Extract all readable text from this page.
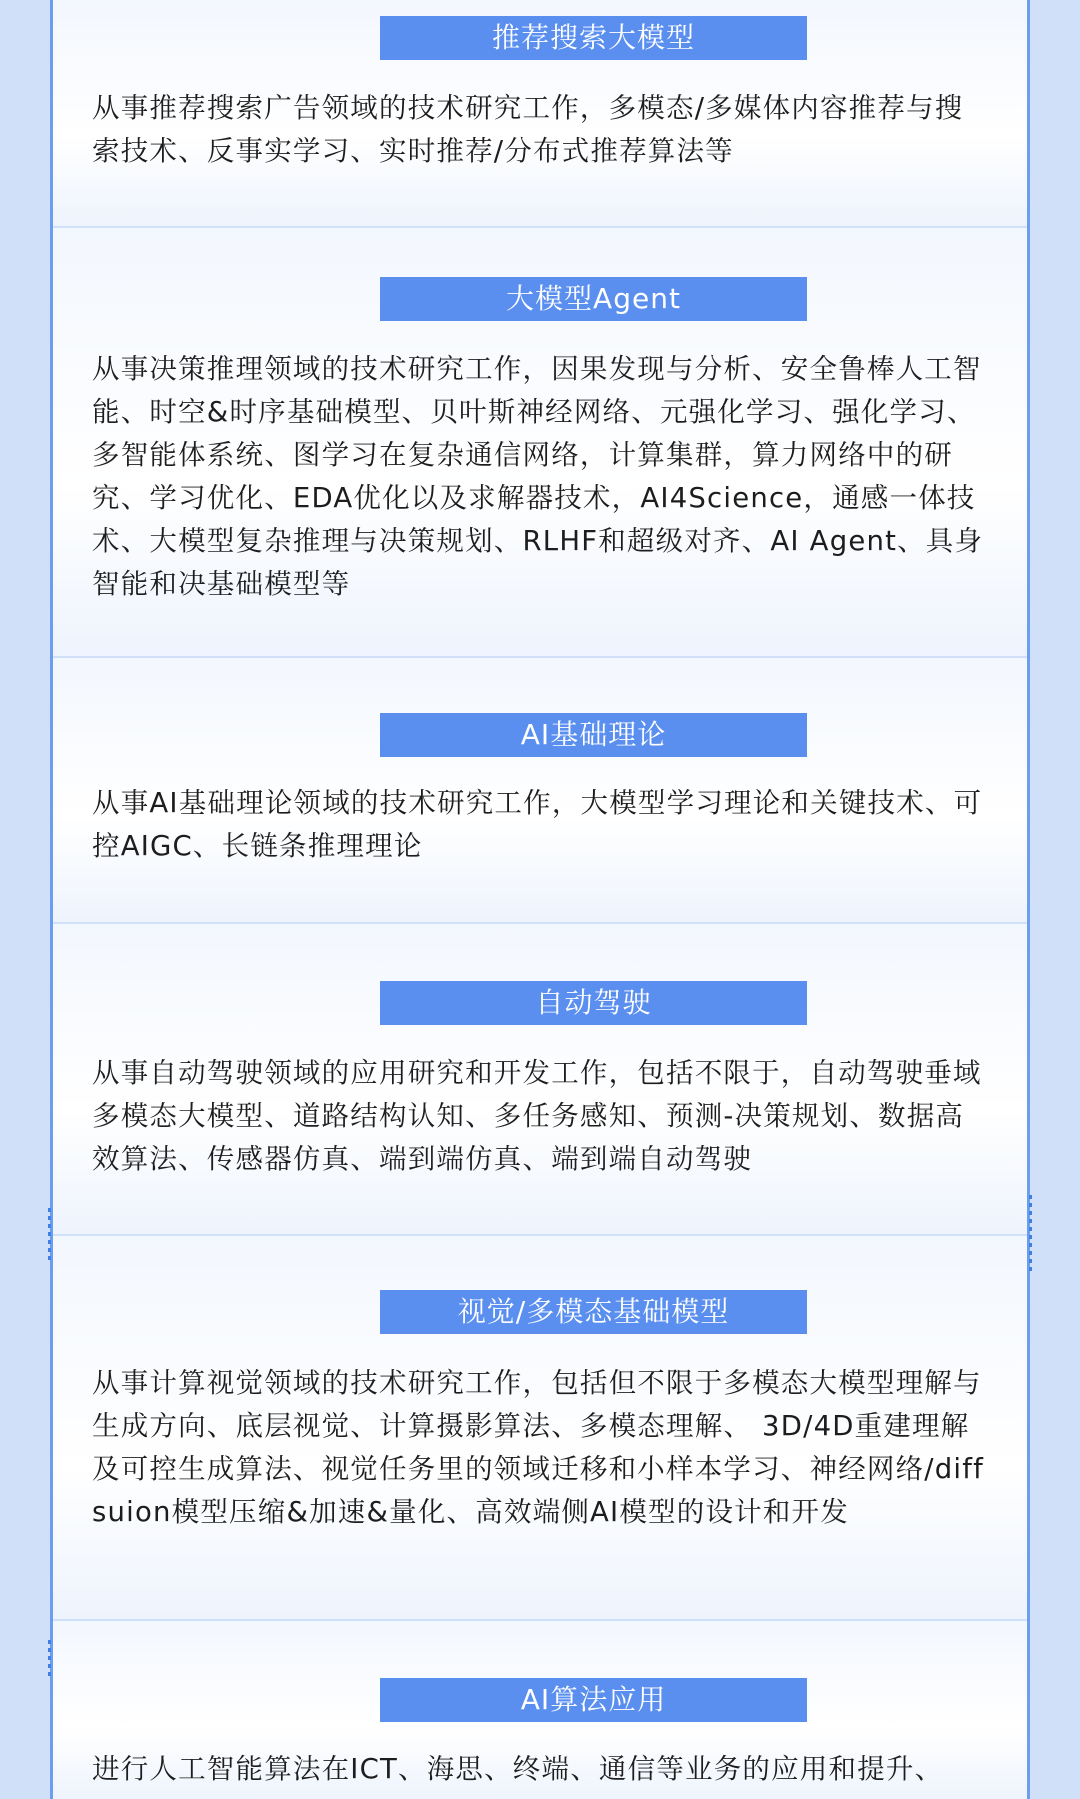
推荐搜索大模型

从事推荐搜索广告领域的技术研究工作，多模态/多媒体内容推荐与搜索技术、反事实学习、实时推荐/分布式推荐算法等

大模型Agent

从事决策推理领域的技术研究工作，因果发现与分析、安全鲁棒人工智能、时空&时序基础模型、贝叶斯神经网络、元强化学习、强化学习、多智能体系统、图学习在复杂通信网络，计算集群，算力网络中的研究、学习优化、EDA优化以及求解器技术，AI4Science，通感一体技术、大模型复杂推理与决策规划、RLHF和超级对齐、AI Agent、具身智能和决基础模型等

AI基础理论

从事AI基础理论领域的技术研究工作，大模型学习理论和关键技术、可控AIGC、长链条推理理论

自动驾驶

从事自动驾驶领域的应用研究和开发工作，包括不限于，自动驾驶垂域多模态大模型、道路结构认知、多任务感知、预测-决策规划、数据高效算法、传感器仿真、端到端仿真、端到端自动驾驶

视觉/多模态基础模型

从事计算视觉领域的技术研究工作，包括但不限于多模态大模型理解与生成方向、底层视觉、计算摄影算法、多模态理解、 3D/4D重建理解及可控生成算法、视觉任务里的领域迁移和小样本学习、神经网络/diffsuion模型压缩&加速&量化、高效端侧AI模型的设计和开发

AI算法应用

进行人工智能算法在ICT、海思、终端、通信等业务的应用和提升、
